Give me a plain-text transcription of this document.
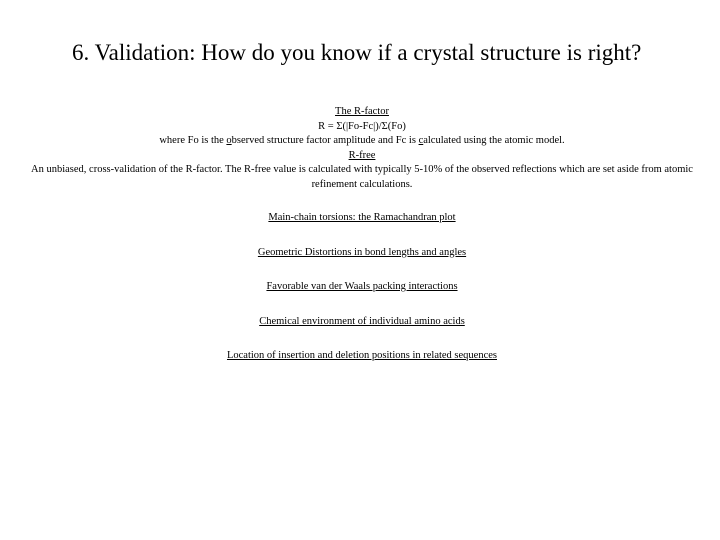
6. Validation: How do you know if a crystal structure is right?
The R-factor
R = Σ(|Fo-Fc|)/Σ(Fo)
where Fo is the observed structure factor amplitude and Fc is calculated using the atomic model.
R-free
An unbiased, cross-validation of the R-factor. The R-free value is calculated with typically 5-10% of the observed reflections which are set aside from atomic refinement calculations.
Main-chain torsions: the Ramachandran plot
Geometric Distortions in bond lengths and angles
Favorable van der Waals packing interactions
Chemical environment of individual amino acids
Location of insertion and deletion positions in related sequences
